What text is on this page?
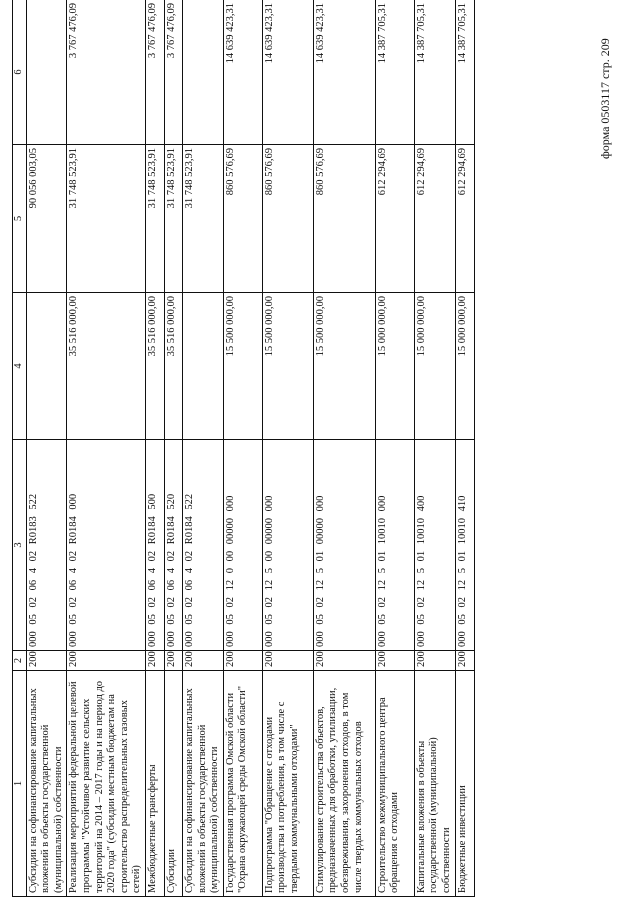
форма 0503117 стр. 209
1	2	3	4	5	6
Субсидии на софинансирование капитальных вложений в объекты государственной (муниципальной) собственности	200	000 05 02 06 4 02 R0183 522		90 056 003,05	
Реализация мероприятий федеральной целевой программы "Устойчивое развитие сельских территорий на 2014 – 2017 годы и на период до 2020 года" (субсидии местным бюджетам на строительство распределительных газовых сетей)	200	000 05 02 06 4 02 R0184 000	35 516 000,00	31 748 523,91	3 767 476,09
Межбюджетные трансферты	200	000 05 02 06 4 02 R0184 500	35 516 000,00	31 748 523,91	3 767 476,09
Субсидии	200	000 05 02 06 4 02 R0184 520	35 516 000,00	31 748 523,91	3 767 476,09
Субсидии на софинансирование капитальных вложений в объекты государственной (муниципальной) собственности	200	000 05 02 06 4 02 R0184 522		31 748 523,91	
Государственная программа Омской области "Охрана окружающей среды Омской области"	200	000 05 02 12 0 00 00000 000	15 500 000,00	860 576,69	14 639 423,31
Подпрограмма "Обращение с отходами производства и потребления, в том числе с твердыми коммунальными отходами"	200	000 05 02 12 5 00 00000 000	15 500 000,00	860 576,69	14 639 423,31
Стимулирование строительства объектов, предназначенных для обработки, утилизации, обезвреживания, захоронения отходов, в том числе твердых коммунальных отходов	200	000 05 02 12 5 01 00000 000	15 500 000,00	860 576,69	14 639 423,31
Строительство межмуниципального центра обращения с отходами	200	000 05 02 12 5 01 10010 000	15 000 000,00	612 294,69	14 387 705,31
Капитальные вложения в объекты государственной (муниципальной) собственности	200	000 05 02 12 5 01 10010 400	15 000 000,00	612 294,69	14 387 705,31
Бюджетные инвестиции	200	000 05 02 12 5 01 10010 410	15 000 000,00	612 294,69	14 387 705,31
